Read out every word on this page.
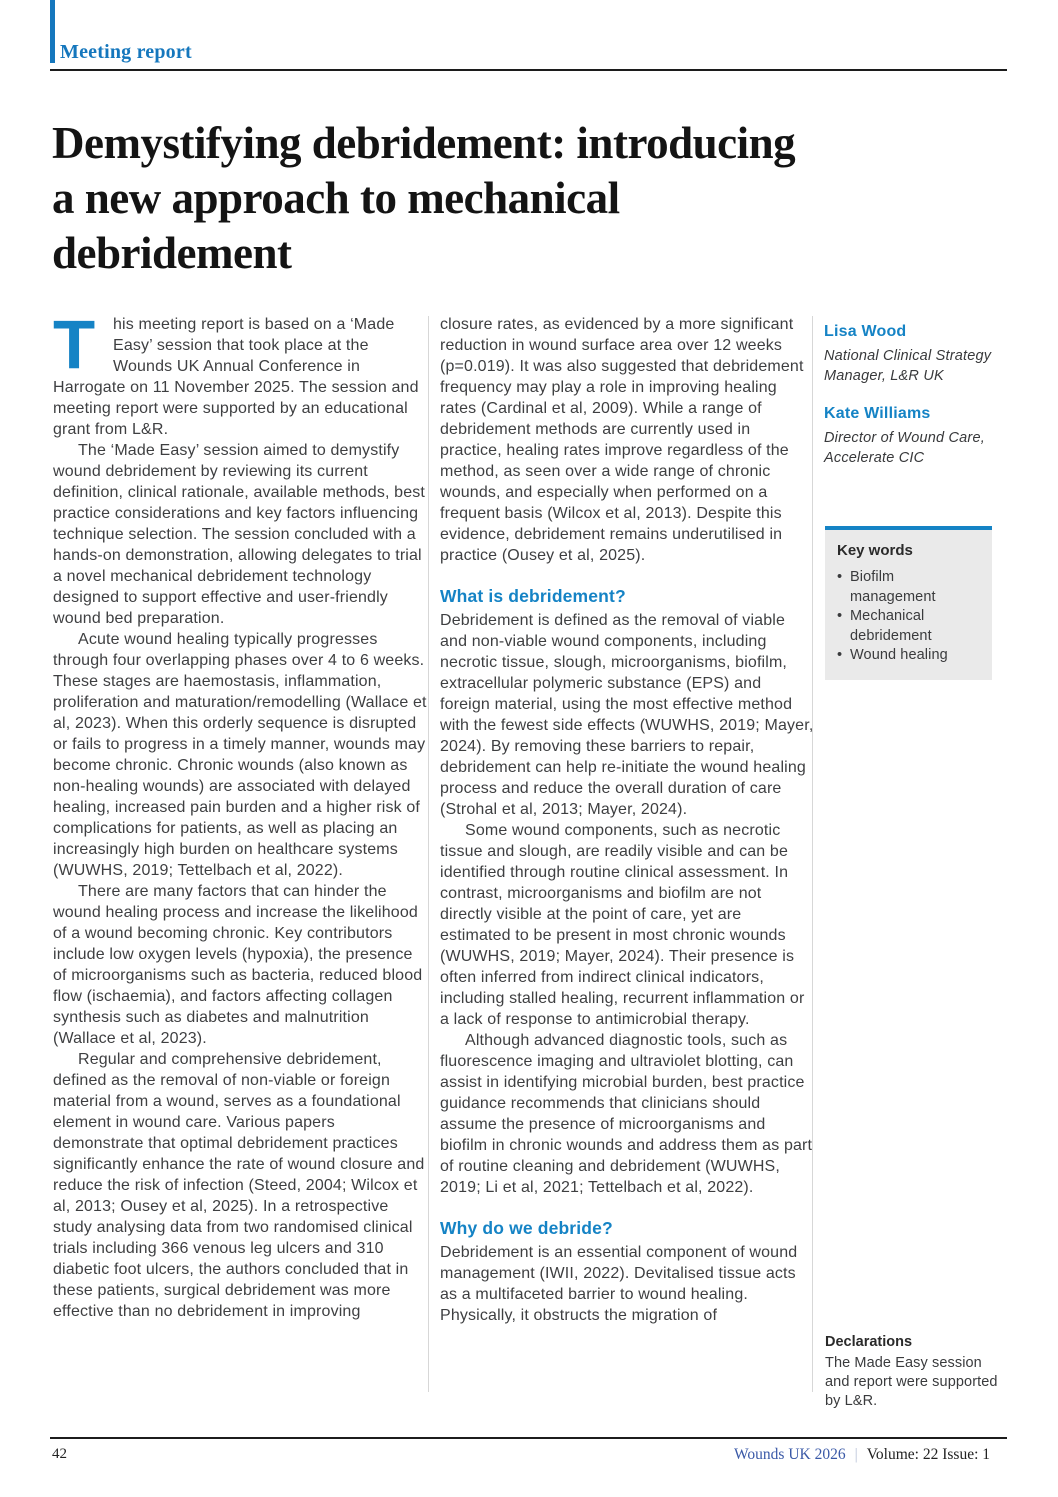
Meeting report
Demystifying debridement: introducing
a new approach to mechanical
debridement

T	his meeting report is based on a ‘Made Easy’ session that took place at the Wounds UK Annual Conference in Harrogate on 11 November 2025. The session and meeting report were supported by an educational grant from L&R.

The ‘Made Easy’ session aimed to demystify wound debridement by reviewing its current definition, clinical rationale, available methods, best practice considerations and key factors influencing technique selection. The session concluded with a hands-on demonstration, allowing delegates to trial a novel mechanical debridement technology designed to support effective and user-friendly wound bed preparation.

Acute wound healing typically progresses through four overlapping phases over 4 to 6 weeks. These stages are haemostasis, inflammation, proliferation and maturation/remodelling (Wallace et al, 2023). When this orderly sequence is disrupted or fails to progress in a timely manner, wounds may become chronic. Chronic wounds (also known as non-healing wounds) are associated with delayed healing, increased pain burden and a higher risk of complications for patients, as well as placing an increasingly high burden on healthcare systems (WUWHS, 2019; Tettelbach et al, 2022).

There are many factors that can hinder the wound healing process and increase the likelihood of a wound becoming chronic. Key contributors include low oxygen levels (hypoxia), the presence of microorganisms such as bacteria, reduced blood flow (ischaemia), and factors affecting collagen synthesis such as diabetes and malnutrition (Wallace et al, 2023).

Regular and comprehensive debridement, defined as the removal of non-viable or foreign material from a wound, serves as a foundational element in wound care. Various papers demonstrate that optimal debridement practices significantly enhance the rate of wound closure and reduce the risk of infection (Steed, 2004; Wilcox et al, 2013; Ousey et al, 2025). In a retrospective study analysing data from two randomised clinical trials including 366 venous leg ulcers and 310 diabetic foot ulcers, the authors concluded that in these patients, surgical debridement was more effective than no debridement in improving

closure rates, as evidenced by a more significant reduction in wound surface area over 12 weeks (p=0.019). It was also suggested that debridement frequency may play a role in improving healing rates (Cardinal et al, 2009). While a range of debridement methods are currently used in practice, healing rates improve regardless of the method, as seen over a wide range of chronic wounds, and especially when performed on a frequent basis (Wilcox et al, 2013). Despite this evidence, debridement remains underutilised in practice (Ousey et al, 2025).

What is debridement?

Debridement is defined as the removal of viable and non-viable wound components, including necrotic tissue, slough, microorganisms, biofilm, extracellular polymeric substance (EPS) and foreign material, using the most effective method with the fewest side effects (WUWHS, 2019; Mayer, 2024). By removing these barriers to repair, debridement can help re-initiate the wound healing process and reduce the overall duration of care (Strohal et al, 2013; Mayer, 2024).

Some wound components, such as necrotic tissue and slough, are readily visible and can be identified through routine clinical assessment. In contrast, microorganisms and biofilm are not directly visible at the point of care, yet are estimated to be present in most chronic wounds (WUWHS, 2019; Mayer, 2024). Their presence is often inferred from indirect clinical indicators, including stalled healing, recurrent inflammation or a lack of response to antimicrobial therapy.

Although advanced diagnostic tools, such as fluorescence imaging and ultraviolet blotting, can assist in identifying microbial burden, best practice guidance recommends that clinicians should assume the presence of microorganisms and biofilm in chronic wounds and address them as part of routine cleaning and debridement (WUWHS, 2019; Li et al, 2021; Tettelbach et al, 2022).

Why do we debride?

Debridement is an essential component of wound management (IWII, 2022). Devitalised tissue acts as a multifaceted barrier to wound healing. Physically, it obstructs the migration of

Lisa Wood
National Clinical Strategy Manager, L&R UK
Kate Williams
Director of Wound Care, Accelerate CIC
Key words
• Biofilm management
• Mechanical debridement
• Wound healing
Declarations
The Made Easy session and report were supported by L&R.
42	Wounds UK 2026 | Volume: 22 Issue: 1
